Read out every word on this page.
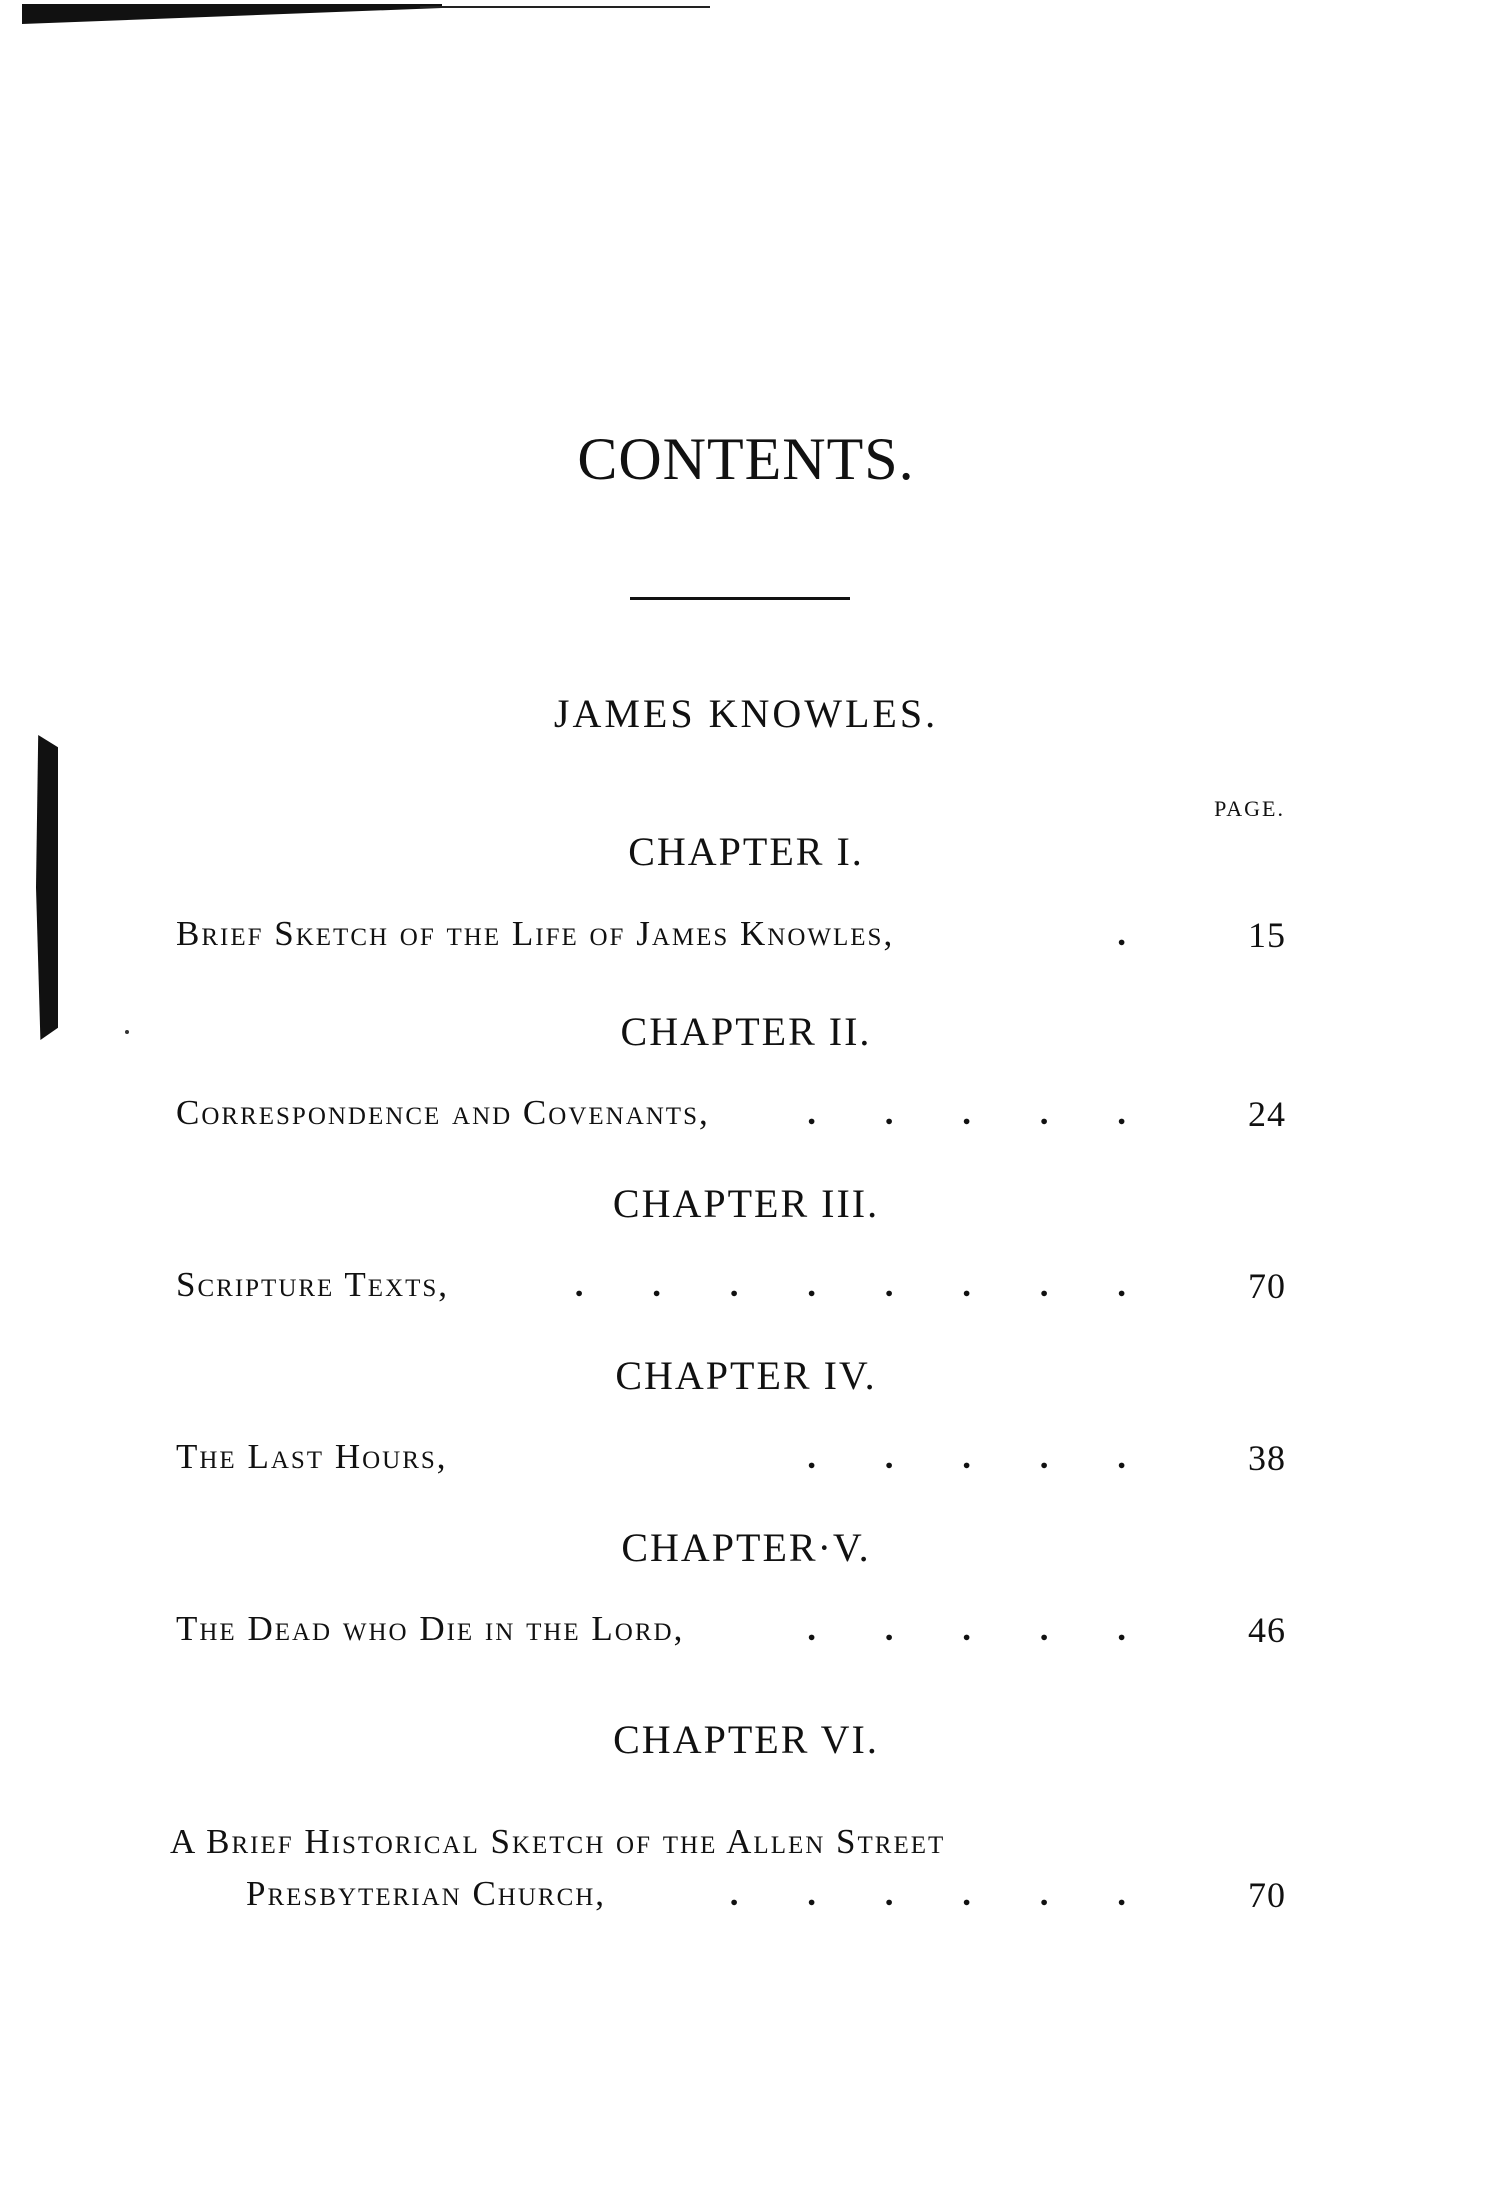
CONTENTS.
JAMES KNOWLES.
PAGE.
CHAPTER I.
Brief Sketch of the Life of James Knowles,	.	15
CHAPTER II.
Correspondence and Covenants,	. . . . .	24
CHAPTER III.
Scripture Texts,	. . . . . . . .	70
CHAPTER IV.
The Last Hours,	. . . . .	38
CHAPTER·V.
The Dead who Die in the Lord,	. . . . .	46
CHAPTER VI.
A Brief Historical Sketch of the Allen Street
Presbyterian Church,	. . . . . .	70
